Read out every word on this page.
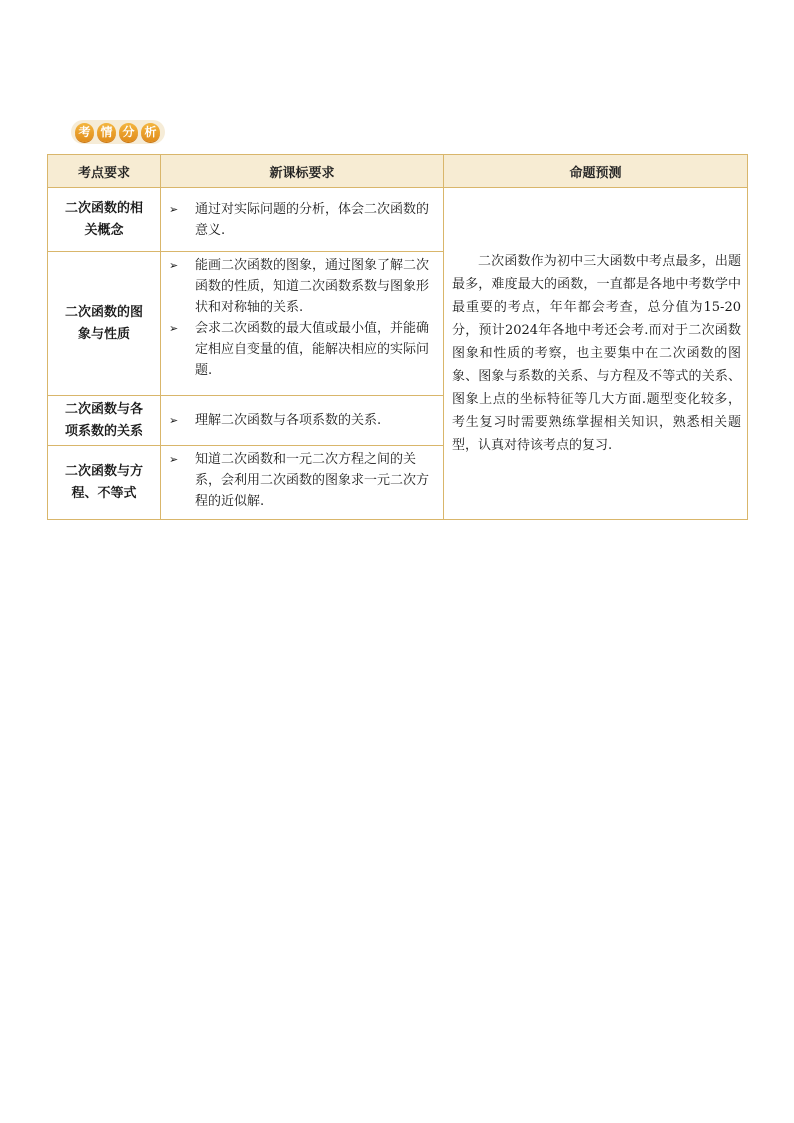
考 情 分 析
考点要求	新课标要求	命题预测
二次函数的相关概念	➢ 通过对实际问题的分析，体会二次函数的意义.	二次函数作为初中三大函数中考点最多，出题最多，难度最大的函数，一直都是各地中考数学中最重要的考点，年年都会考查，总分值为15-20分，预计2024年各地中考还会考.而对于二次函数图象和性质的考察，也主要集中在二次函数的图象、图象与系数的关系、与方程及不等式的关系、图象上点的坐标特征等几大方面.题型变化较多，考生复习时需要熟练掌握相关知识，熟悉相关题型，认真对待该考点的复习.
二次函数的图象与性质	➢ 能画二次函数的图象，通过图象了解二次函数的性质，知道二次函数系数与图象形状和对称轴的关系.
➢ 会求二次函数的最大值或最小值，并能确定相应自变量的值，能解决相应的实际问题.	

二次函数与各项系数的关系	➢ 理解二次函数与各项系数的关系.	

二次函数与方程、不等式	➢ 知道二次函数和一元二次方程之间的关系，会利用二次函数的图象求一元二次方程的近似解.	
